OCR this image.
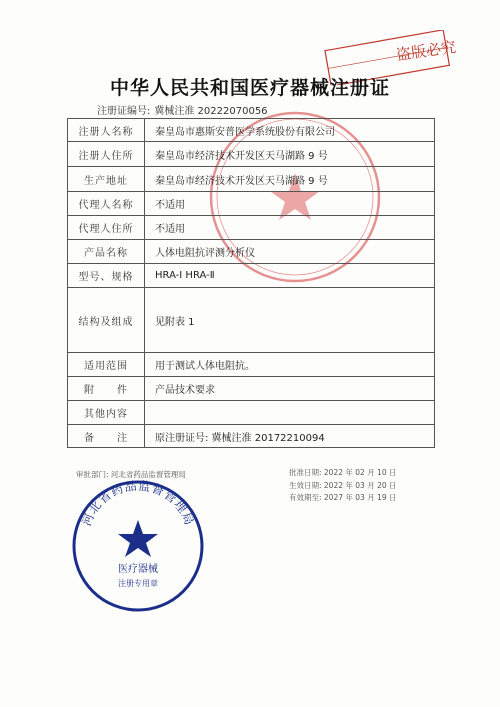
盗版必究
中华人民共和国医疗器械注册证
注册证编号: 冀械注准 20222070056
注册人名称	秦皇岛市惠斯安普医学系统股份有限公司
注册人住所	秦皇岛市经济技术开发区天马湖路 9 号
生产地址	秦皇岛市经济技术开发区天马湖路 9 号
代理人名称	不适用
代理人住所	不适用
产品名称	人体电阻抗评测分析仪
型号、规格	HRA-Ⅰ HRA-Ⅱ
结构及组成	见附表 1
适用范围	用于测试人体电阻抗。
附　　件	产品技术要求
其他内容	
备　　注	原注册证号: 冀械注准 20172210094
审批部门: 河北省药品监督管理局	批准日期: 2022 年 02 月 10 日
生效日期: 2022 年 03 月 20 日
有效期至: 2027 年 03 月 19 日
河北省药品监督管理局
医疗器械
注册专用章
